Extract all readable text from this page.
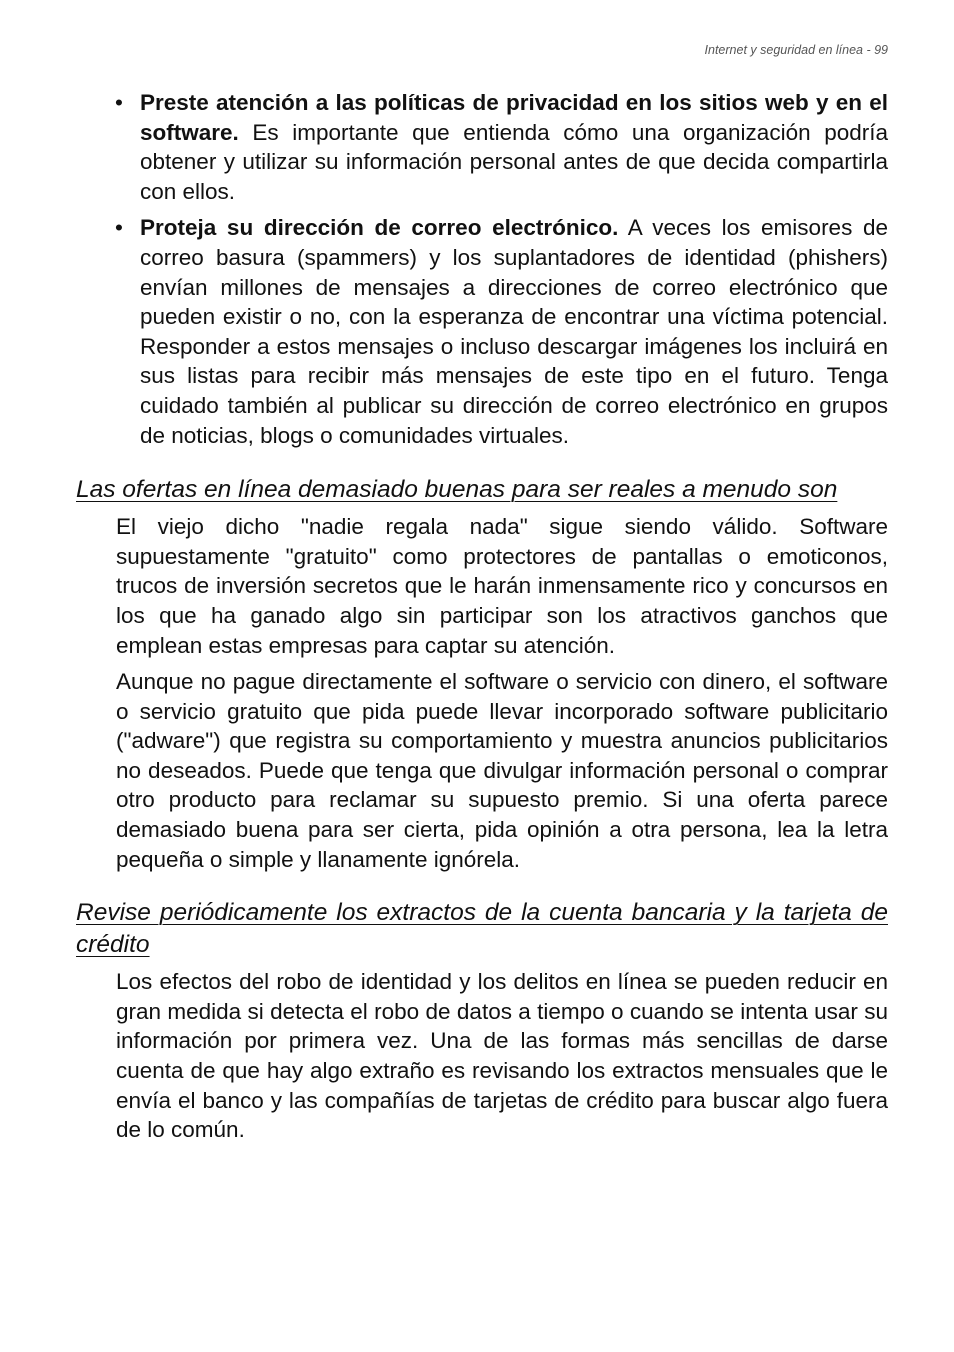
Internet y seguridad en línea - 99
• Preste atención a las políticas de privacidad en los sitios web y en el software. Es importante que entienda cómo una organización podría obtener y utilizar su información personal antes de que decida compartirla con ellos.
• Proteja su dirección de correo electrónico. A veces los emisores de correo basura (spammers) y los suplantadores de identidad (phishers) envían millones de mensajes a direcciones de correo electrónico que pueden existir o no, con la esperanza de encontrar una víctima potencial. Responder a estos mensajes o incluso descargar imágenes los incluirá en sus listas para recibir más mensajes de este tipo en el futuro. Tenga cuidado también al publicar su dirección de correo electrónico en grupos de noticias, blogs o comunidades virtuales.
Las ofertas en línea demasiado buenas para ser reales a menudo son

El viejo dicho "nadie regala nada" sigue siendo válido. Software supuestamente "gratuito" como protectores de pantallas o emoticonos, trucos de inversión secretos que le harán inmensamente rico y concursos en los que ha ganado algo sin participar son los atractivos ganchos que emplean estas empresas para captar su atención.

Aunque no pague directamente el software o servicio con dinero, el software o servicio gratuito que pida puede llevar incorporado software publicitario ("adware") que registra su comportamiento y muestra anuncios publicitarios no deseados. Puede que tenga que divulgar información personal o comprar otro producto para reclamar su supuesto premio. Si una oferta parece demasiado buena para ser cierta, pida opinión a otra persona, lea la letra pequeña o simple y llanamente ignórela.

Revise periódicamente los extractos de la cuenta bancaria y la tarjeta de crédito

Los efectos del robo de identidad y los delitos en línea se pueden reducir en gran medida si detecta el robo de datos a tiempo o cuando se intenta usar su información por primera vez. Una de las formas más sencillas de darse cuenta de que hay algo extraño es revisando los extractos mensuales que le envía el banco y las compañías de tarjetas de crédito para buscar algo fuera de lo común.
